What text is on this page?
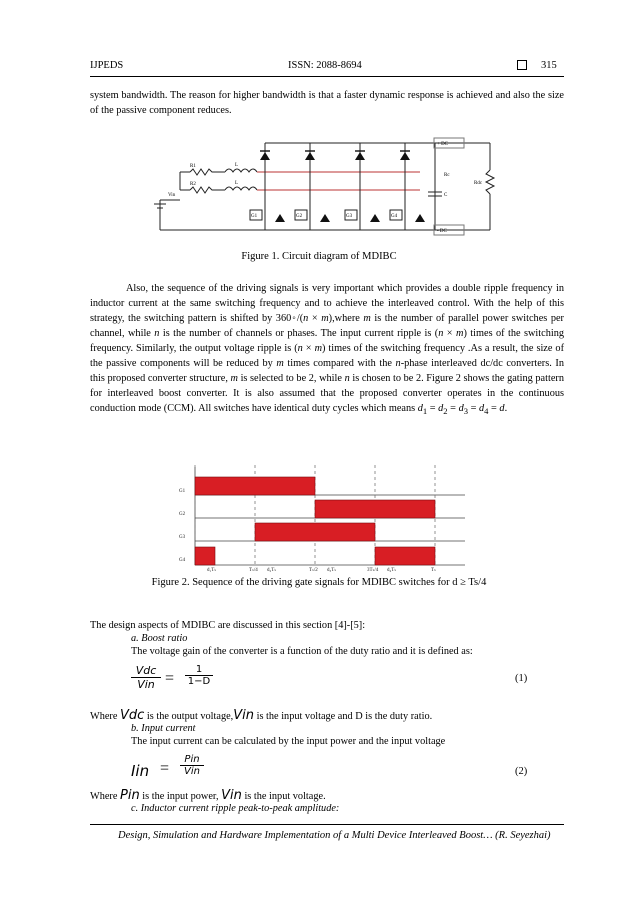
IJPEDS	ISSN: 2088-8694	315
system bandwidth. The reason for higher bandwidth is that a faster dynamic response is achieved and also the size of the passive component reduces.
R1
R2
L
L
Vin
G1	G2	G3	G4
+ DC
- DC
Rc
C
Rdc
Figure 1. Circuit diagram of MDIBC
Also, the sequence of the driving signals is very important which provides a double ripple frequency in inductor current at the same switching frequency and to achieve the interleaved control. With the help of this strategy, the switching pattern is shifted by 360◦/(n × m),where m is the number of parallel power switches per channel, while n is the number of channels or phases. The input current ripple is (n × m) times of the switching frequency. Similarly, the output voltage ripple is (n × m) times of the switching frequency .As a result, the size of the passive components will be reduced by m times compared with the n-phase interleaved dc/dc converters. In this proposed converter structure, m is selected to be 2, while n is chosen to be 2. Figure 2 shows the gating pattern for interleaved boost converter. It is also assumed that the proposed converter operates in the continuous conduction mode (CCM). All switches have identical duty cycles which means $d_1 = d_2 = d_3 = d_4 = d$.
G1
G2
G3
G4
d₁Tₛ	Tₛ/4 d₂Tₛ	Tₛ/2 d₃Tₛ	3Tₛ/4 d₄Tₛ	Tₛ
Figure 2. Sequence of the driving gate signals for MDIBC switches for d ≥ Ts/4
The design aspects of MDIBC are discussed in this section [4]-[5]:
a. Boost ratio
The voltage gain of the converter is a function of the duty ratio and it is defined as:
Vdc
Vin = $\frac{1}{1-D}$	(1)
Where Vdc is the output voltage,Vin is the input voltage and D is the duty ratio.
b. Input current
The input current can be calculated by the input power and the input voltage
Iin =
Pin
Vin	(2)
Where Pin is the input power, Vin is the input voltage.
c. Inductor current ripple peak-to-peak amplitude:
Design, Simulation and Hardware Implementation of a Multi Device Interleaved Boost… (R. Seyezhai)
